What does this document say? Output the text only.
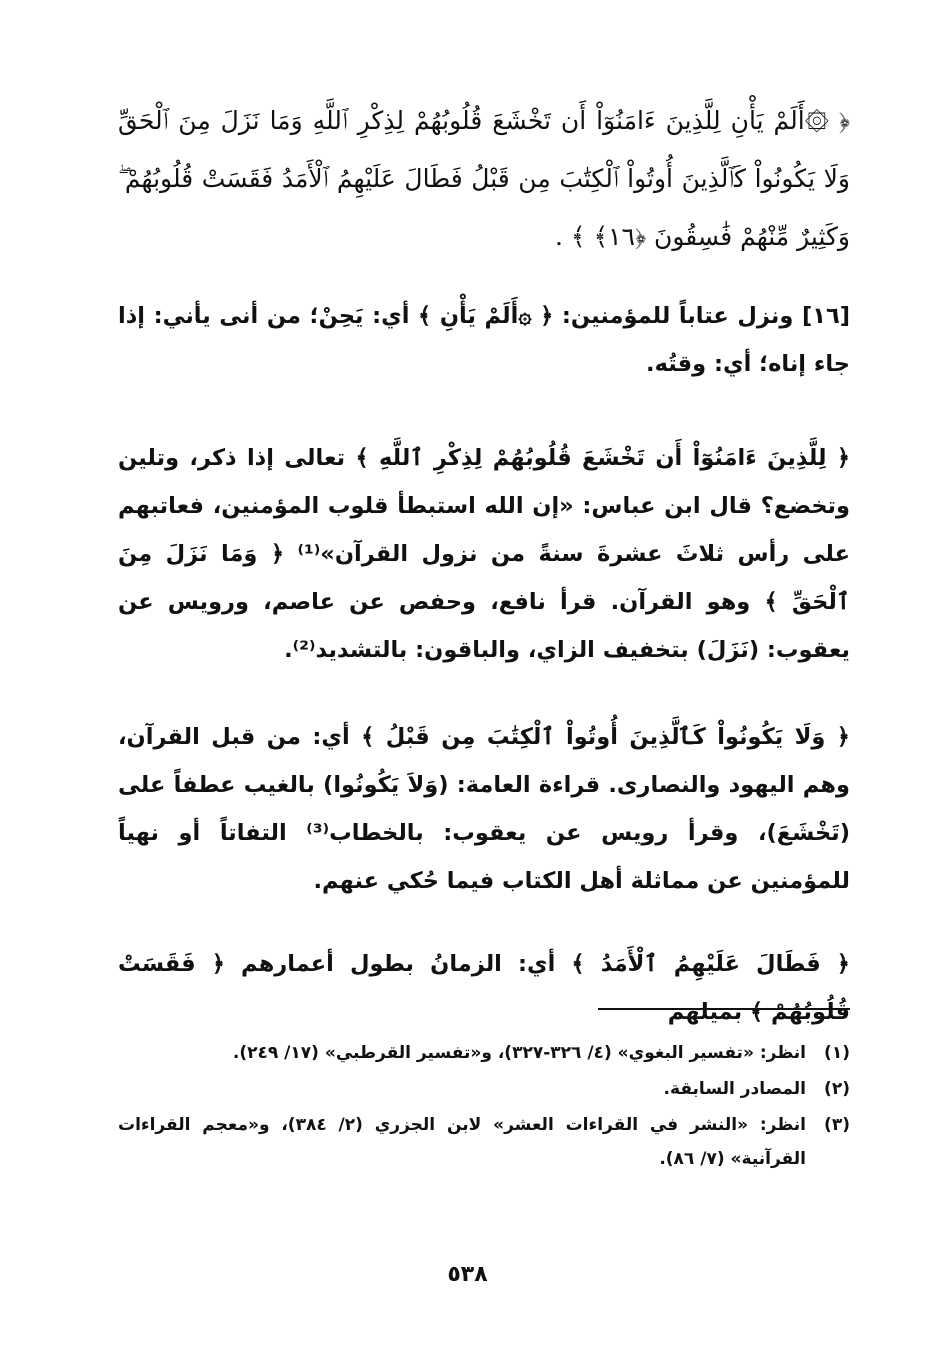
﴿ ۞أَلَمْ يَأْنِ لِلَّذِينَ ءَامَنُوٓاْ أَن تَخْشَعَ قُلُوبُهُمْ لِذِكْرِ ٱللَّهِ وَمَا نَزَلَ مِنَ ٱلْحَقِّ وَلَا يَكُونُواْ كَٱلَّذِينَ أُوتُواْ ٱلْكِتَٰبَ مِن قَبْلُ فَطَالَ عَلَيْهِمُ ٱلْأَمَدُ فَقَسَتْ قُلُوبُهُمْ ۖ وَكَثِيرٌ مِّنْهُمْ فَٰسِقُونَ ﴿١٦﴾ ﴾ .
[١٦] ونزل عتاباً للمؤمنين: ﴿ ۞أَلَمْ يَأْنِ ﴾ أي: يَحِنْ؛ من أنى يأني: إذا جاء إناه؛ أي: وقتُه.
﴿ لِلَّذِينَ ءَامَنُوٓاْ أَن تَخْشَعَ قُلُوبُهُمْ لِذِكْرِ ٱللَّهِ ﴾ تعالى إذا ذكر، وتلين وتخضع؟ قال ابن عباس: «إن الله استبطأ قلوب المؤمنين، فعاتبهم على رأس ثلاثَ عشرةَ سنةً من نزول القرآن»⁽¹⁾ ﴿ وَمَا نَزَلَ مِنَ ٱلْحَقِّ ﴾ وهو القرآن. قرأ نافع، وحفص عن عاصم، ورويس عن يعقوب: (نَزَلَ) بتخفيف الزاي، والباقون: بالتشديد⁽²⁾.
﴿ وَلَا يَكُونُواْ كَٱلَّذِينَ أُوتُواْ ٱلْكِتَٰبَ مِن قَبْلُ ﴾ أي: من قبل القرآن، وهم اليهود والنصارى. قراءة العامة: (وَلاَ يَكُونُوا) بالغيب عطفاً على (تَخْشَعَ)، وقرأ رويس عن يعقوب: بالخطاب⁽³⁾ التفاتاً أو نهياً للمؤمنين عن مماثلة أهل الكتاب فيما حُكي عنهم.
﴿ فَطَالَ عَلَيْهِمُ ٱلْأَمَدُ ﴾ أي: الزمانُ بطول أعمارهم ﴿ فَقَسَتْ قُلُوبُهُمْ ﴾ بميلهم
(١)
انظر: «تفسير البغوي» (٤/ ٣٢٦-٣٢٧)، و«تفسير القرطبي» (١٧/ ٢٤٩).
(٢)
المصادر السابقة.
(٣)
انظر: «النشر في القراءات العشر» لابن الجزري (٢/ ٣٨٤)، و«معجم القراءات القرآنية» (٧/ ٨٦).
٥٣٨
